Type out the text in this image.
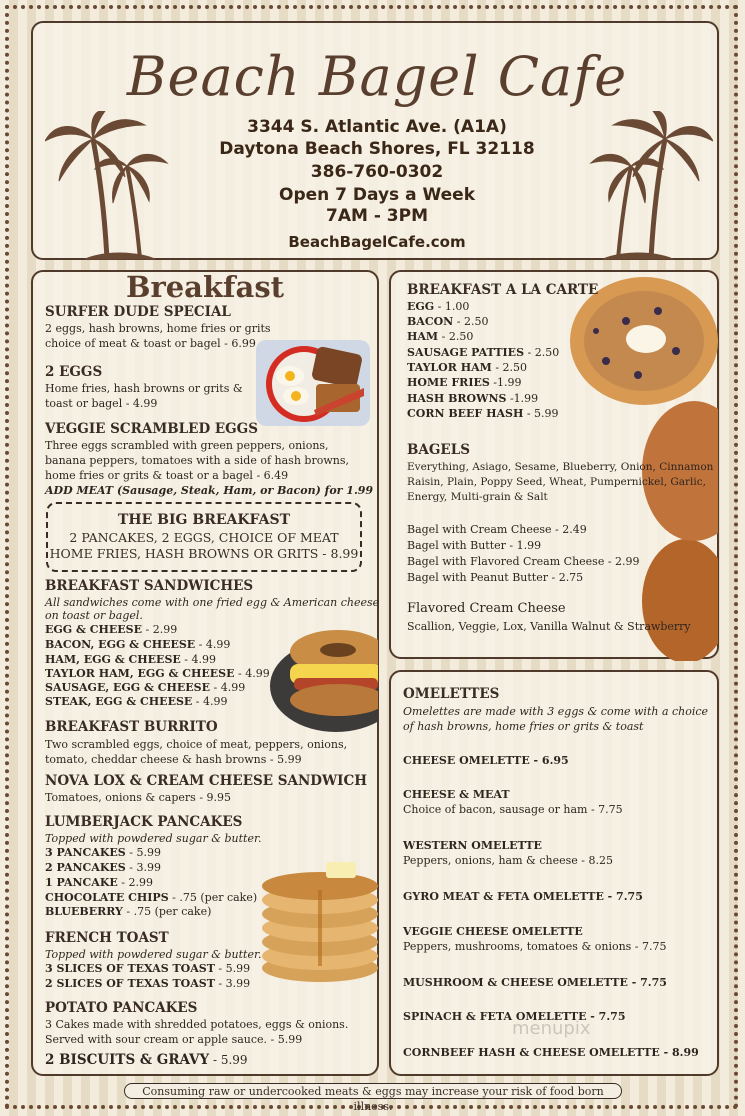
Beach Bagel Cafe
3344 S. Atlantic Ave. (A1A)
Daytona Beach Shores, FL 32118
386-760-0302
Open 7 Days a Week
7AM - 3PM
BeachBagelCafe.com
Breakfast
SURFER DUDE SPECIAL
2 eggs, hash browns, home fries or grits
choice of meat & toast or bagel - 6.99
2 EGGS
Home fries, hash browns or grits &
toast or bagel - 4.99
VEGGIE SCRAMBLED EGGS
Three eggs scrambled with green peppers, onions,
banana peppers, tomatoes with a side of hash browns,
home fries or grits & toast or a bagel - 6.49
ADD MEAT (Sausage, Steak, Ham, or Bacon) for 1.99
THE BIG BREAKFAST
2 PANCAKES, 2 EGGS, CHOICE OF MEAT
HOME FRIES, HASH BROWNS OR GRITS - 8.99
BREAKFAST SANDWICHES
All sandwiches come with one fried egg & American cheese
on toast or bagel.
EGG & CHEESE - 2.99
BACON, EGG & CHEESE - 4.99
HAM, EGG & CHEESE - 4.99
TAYLOR HAM, EGG & CHEESE - 4.99
SAUSAGE, EGG & CHEESE - 4.99
STEAK, EGG & CHEESE - 4.99
BREAKFAST BURRITO
Two scrambled eggs, choice of meat, peppers, onions,
tomato, cheddar cheese & hash browns - 5.99
NOVA LOX & CREAM CHEESE SANDWICH
Tomatoes, onions & capers - 9.95
LUMBERJACK PANCAKES
Topped with powdered sugar & butter.
3 PANCAKES - 5.99
2 PANCAKES - 3.99
1 PANCAKE - 2.99
CHOCOLATE CHIPS - .75 (per cake)
BLUEBERRY - .75 (per cake)
FRENCH TOAST
Topped with powdered sugar & butter.
3 SLICES OF TEXAS TOAST - 5.99
2 SLICES OF TEXAS TOAST - 3.99
POTATO PANCAKES
3 Cakes made with shredded potatoes, eggs & onions.
Served with sour cream or apple sauce. - 5.99
2 BISCUITS & GRAVY - 5.99
BREAKFAST A LA CARTE
EGG - 1.00
BACON - 2.50
HAM - 2.50
SAUSAGE PATTIES - 2.50
TAYLOR HAM - 2.50
HOME FRIES -1.99
HASH BROWNS -1.99
CORN BEEF HASH - 5.99
BAGELS
Everything, Asiago, Sesame, Blueberry, Onion, Cinnamon
Raisin, Plain, Poppy Seed, Wheat, Pumpernickel, Garlic,
Energy, Multi-grain & Salt
Bagel with Cream Cheese - 2.49
Bagel with Butter - 1.99
Bagel with Flavored Cream Cheese - 2.99
Bagel with Peanut Butter - 2.75
Flavored Cream Cheese
Scallion, Veggie, Lox, Vanilla Walnut & Strawberry
OMELETTES
Omelettes are made with 3 eggs & come with a choice
of hash browns, home fries or grits & toast
CHEESE OMELETTE - 6.95
CHEESE & MEAT
Choice of bacon, sausage or ham - 7.75
WESTERN OMELETTE
Peppers, onions, ham & cheese - 8.25
GYRO MEAT & FETA OMELETTE - 7.75
VEGGIE CHEESE OMELETTE
Peppers, mushrooms, tomatoes & onions - 7.75
MUSHROOM & CHEESE OMELETTE - 7.75
SPINACH & FETA OMELETTE - 7.75
CORNBEEF HASH & CHEESE OMELETTE - 8.99
menupix
Consuming raw or undercooked meats & eggs may increase your risk of food born illness.
